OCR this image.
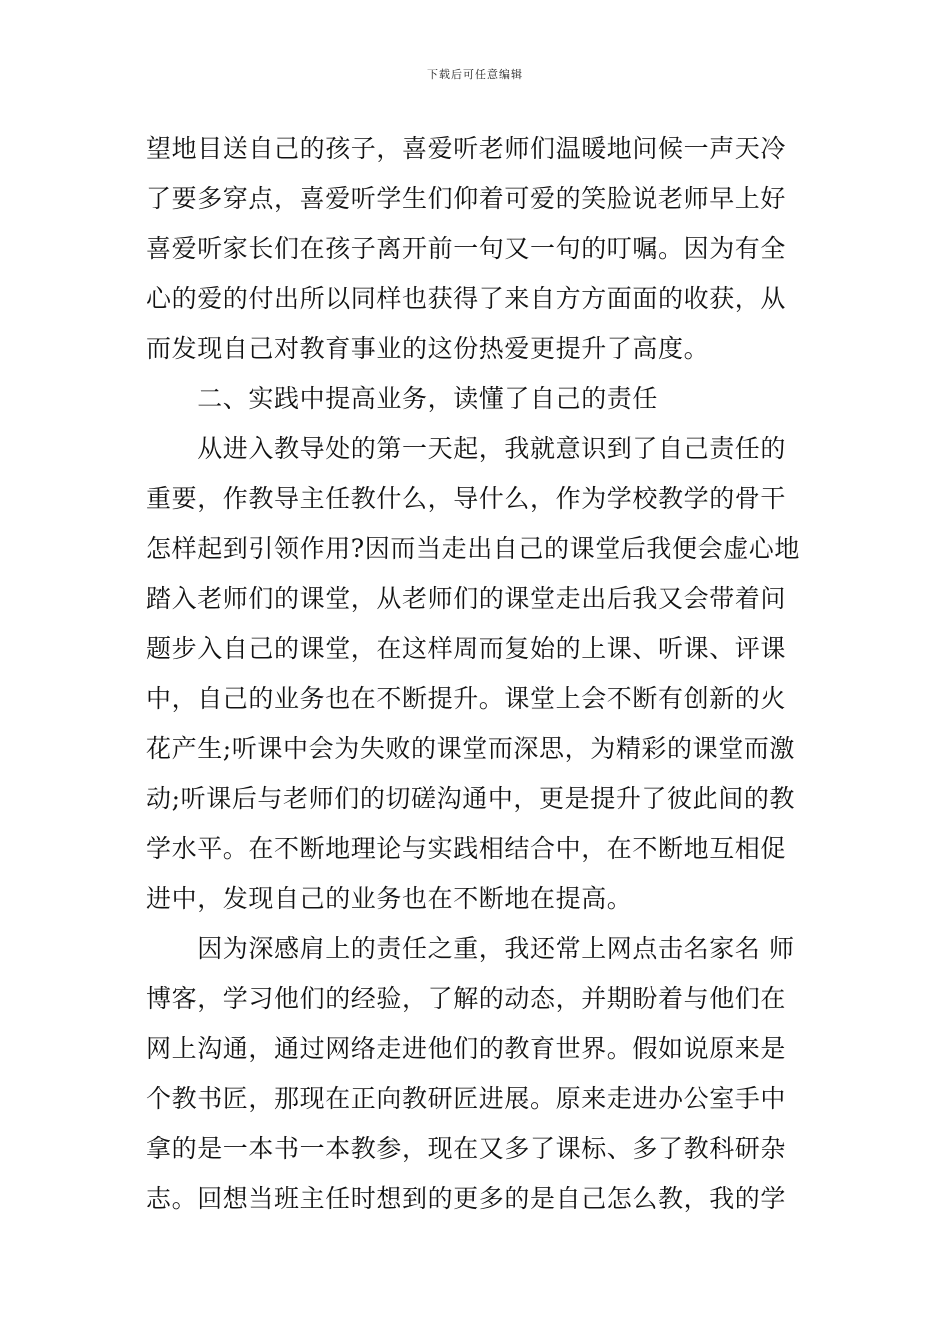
下载后可任意编辑
望地目送自己的孩子，喜爱听老师们温暖地问候一声天冷
了要多穿点，喜爱听学生们仰着可爱的笑脸说老师早上好
喜爱听家长们在孩子离开前一句又一句的叮嘱。因为有全
心的爱的付出所以同样也获得了来自方方面面的收获，从
而发现自己对教育事业的这份热爱更提升了高度。
　　二、实践中提高业务，读懂了自己的责任
　　从进入教导处的第一天起，我就意识到了自己责任的
重要，作教导主任教什么，导什么，作为学校教学的骨干
怎样起到引领作用?因而当走出自己的课堂后我便会虚心地
踏入老师们的课堂，从老师们的课堂走出后我又会带着问
题步入自己的课堂，在这样周而复始的上课、听课、评课
中，自己的业务也在不断提升。课堂上会不断有创新的火
花产生;听课中会为失败的课堂而深思，为精彩的课堂而激
动;听课后与老师们的切磋沟通中，更是提升了彼此间的教
学水平。在不断地理论与实践相结合中，在不断地互相促
进中，发现自己的业务也在不断地在提高。
　　因为深感肩上的责任之重，我还常上网点击名家名 师
博客，学习他们的经验，了解的动态，并期盼着与他们在
网上沟通，通过网络走进他们的教育世界。假如说原来是
个教书匠，那现在正向教研匠进展。原来走进办公室手中
拿的是一本书一本教参，现在又多了课标、多了教科研杂
志。回想当班主任时想到的更多的是自己怎么教，我的学
